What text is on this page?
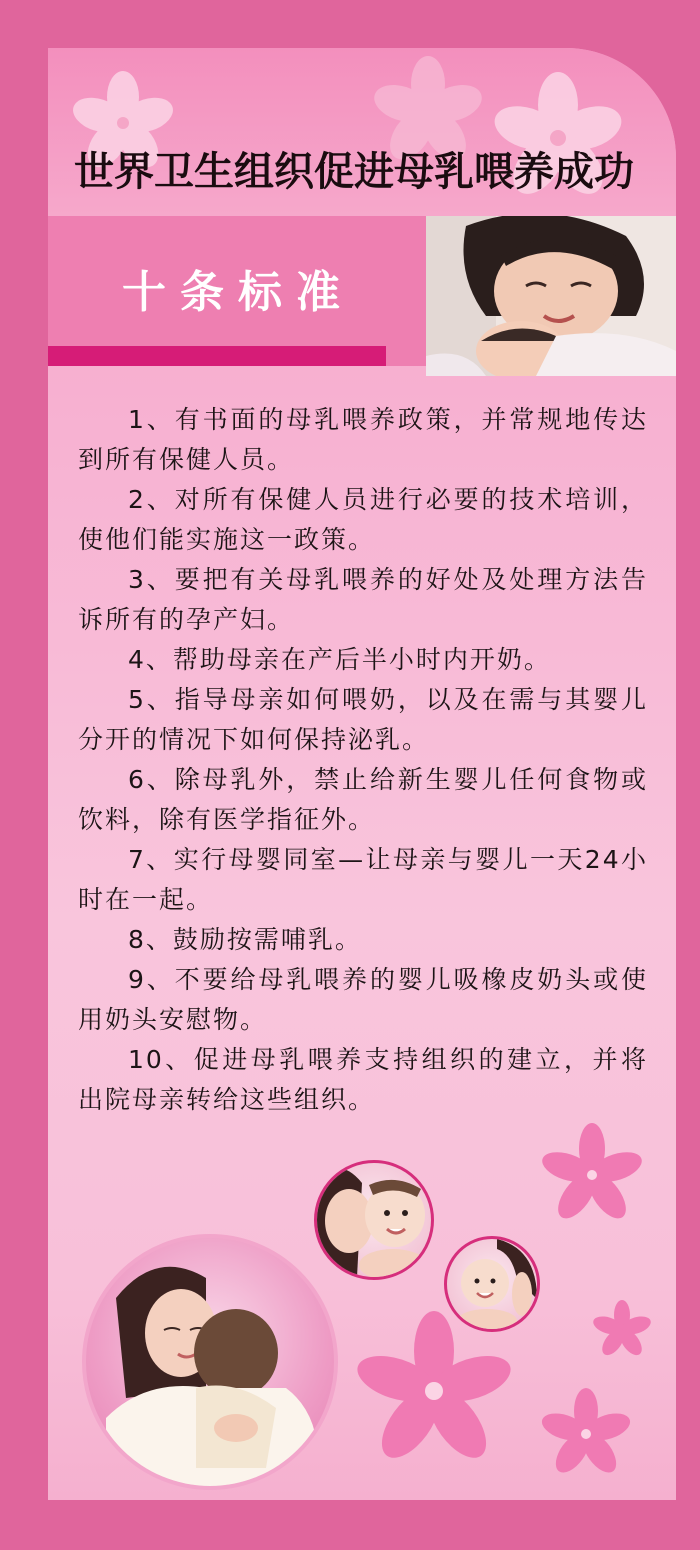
世界卫生组织促进母乳喂养成功
十条标准

1、有书面的母乳喂养政策，并常规地传达到所有保健人员。

2、对所有保健人员进行必要的技术培训，使他们能实施这一政策。

3、要把有关母乳喂养的好处及处理方法告诉所有的孕产妇。

4、帮助母亲在产后半小时内开奶。

5、指导母亲如何喂奶，以及在需与其婴儿分开的情况下如何保持泌乳。

6、除母乳外，禁止给新生婴儿任何食物或饮料，除有医学指征外。

7、实行母婴同室—让母亲与婴儿一天24小时在一起。

8、鼓励按需哺乳。

9、不要给母乳喂养的婴儿吸橡皮奶头或使用奶头安慰物。

10、促进母乳喂养支持组织的建立，并将出院母亲转给这些组织。
